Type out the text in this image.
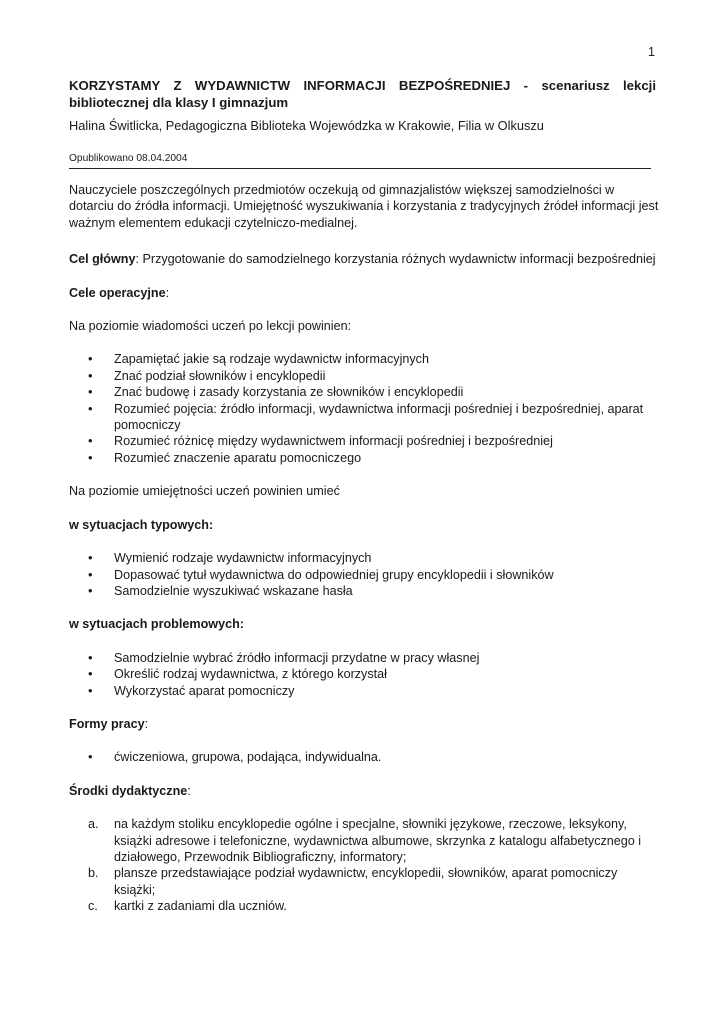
1
KORZYSTAMY Z WYDAWNICTW INFORMACJI BEZPOŚREDNIEJ - scenariusz lekcji bibliotecznej dla klasy I gimnazjum
Halina Świtlicka, Pedagogiczna Biblioteka Wojewódzka w Krakowie, Filia w Olkuszu
Opublikowano 08.04.2004

Nauczyciele poszczególnych przedmiotów oczekują od gimnazjalistów większej samodzielności w dotarciu do źródła informacji. Umiejętność wyszukiwania i korzystania z tradycyjnych źródeł informacji jest ważnym elementem edukacji czytelniczo-medialnej.

Cel główny: Przygotowanie do samodzielnego korzystania różnych wydawnictw informacji bezpośredniej

Cele operacyjne:

Na poziomie wiadomości uczeń po lekcji powinien:

• Zapamiętać jakie są rodzaje wydawnictw informacyjnych
• Znać podział słowników i encyklopedii
• Znać budowę i zasady korzystania ze słowników i encyklopedii
• Rozumieć pojęcia: źródło informacji, wydawnictwa informacji pośredniej i bezpośredniej, aparat pomocniczy
• Rozumieć różnicę między wydawnictwem informacji pośredniej i bezpośredniej
• Rozumieć znaczenie aparatu pomocniczego

Na poziomie umiejętności uczeń powinien umieć

w sytuacjach typowych:

• Wymienić rodzaje wydawnictw informacyjnych
• Dopasować tytuł wydawnictwa do odpowiedniej grupy encyklopedii i słowników
• Samodzielnie wyszukiwać wskazane hasła

w sytuacjach problemowych:

• Samodzielnie wybrać źródło informacji przydatne w pracy własnej
• Określić rodzaj wydawnictwa, z którego korzystał
• Wykorzystać aparat pomocniczy

Formy pracy:

• ćwiczeniowa, grupowa, podająca, indywidualna.

Środki dydaktyczne:

a. na każdym stoliku encyklopedie ogólne i specjalne, słowniki językowe, rzeczowe, leksykony, książki adresowe i telefoniczne, wydawnictwa albumowe, skrzynka z katalogu alfabetycznego i działowego, Przewodnik Bibliograficzny, informatory;
b. plansze przedstawiające podział wydawnictw, encyklopedii, słowników, aparat pomocniczy książki;
c. kartki z zadaniami dla uczniów.
